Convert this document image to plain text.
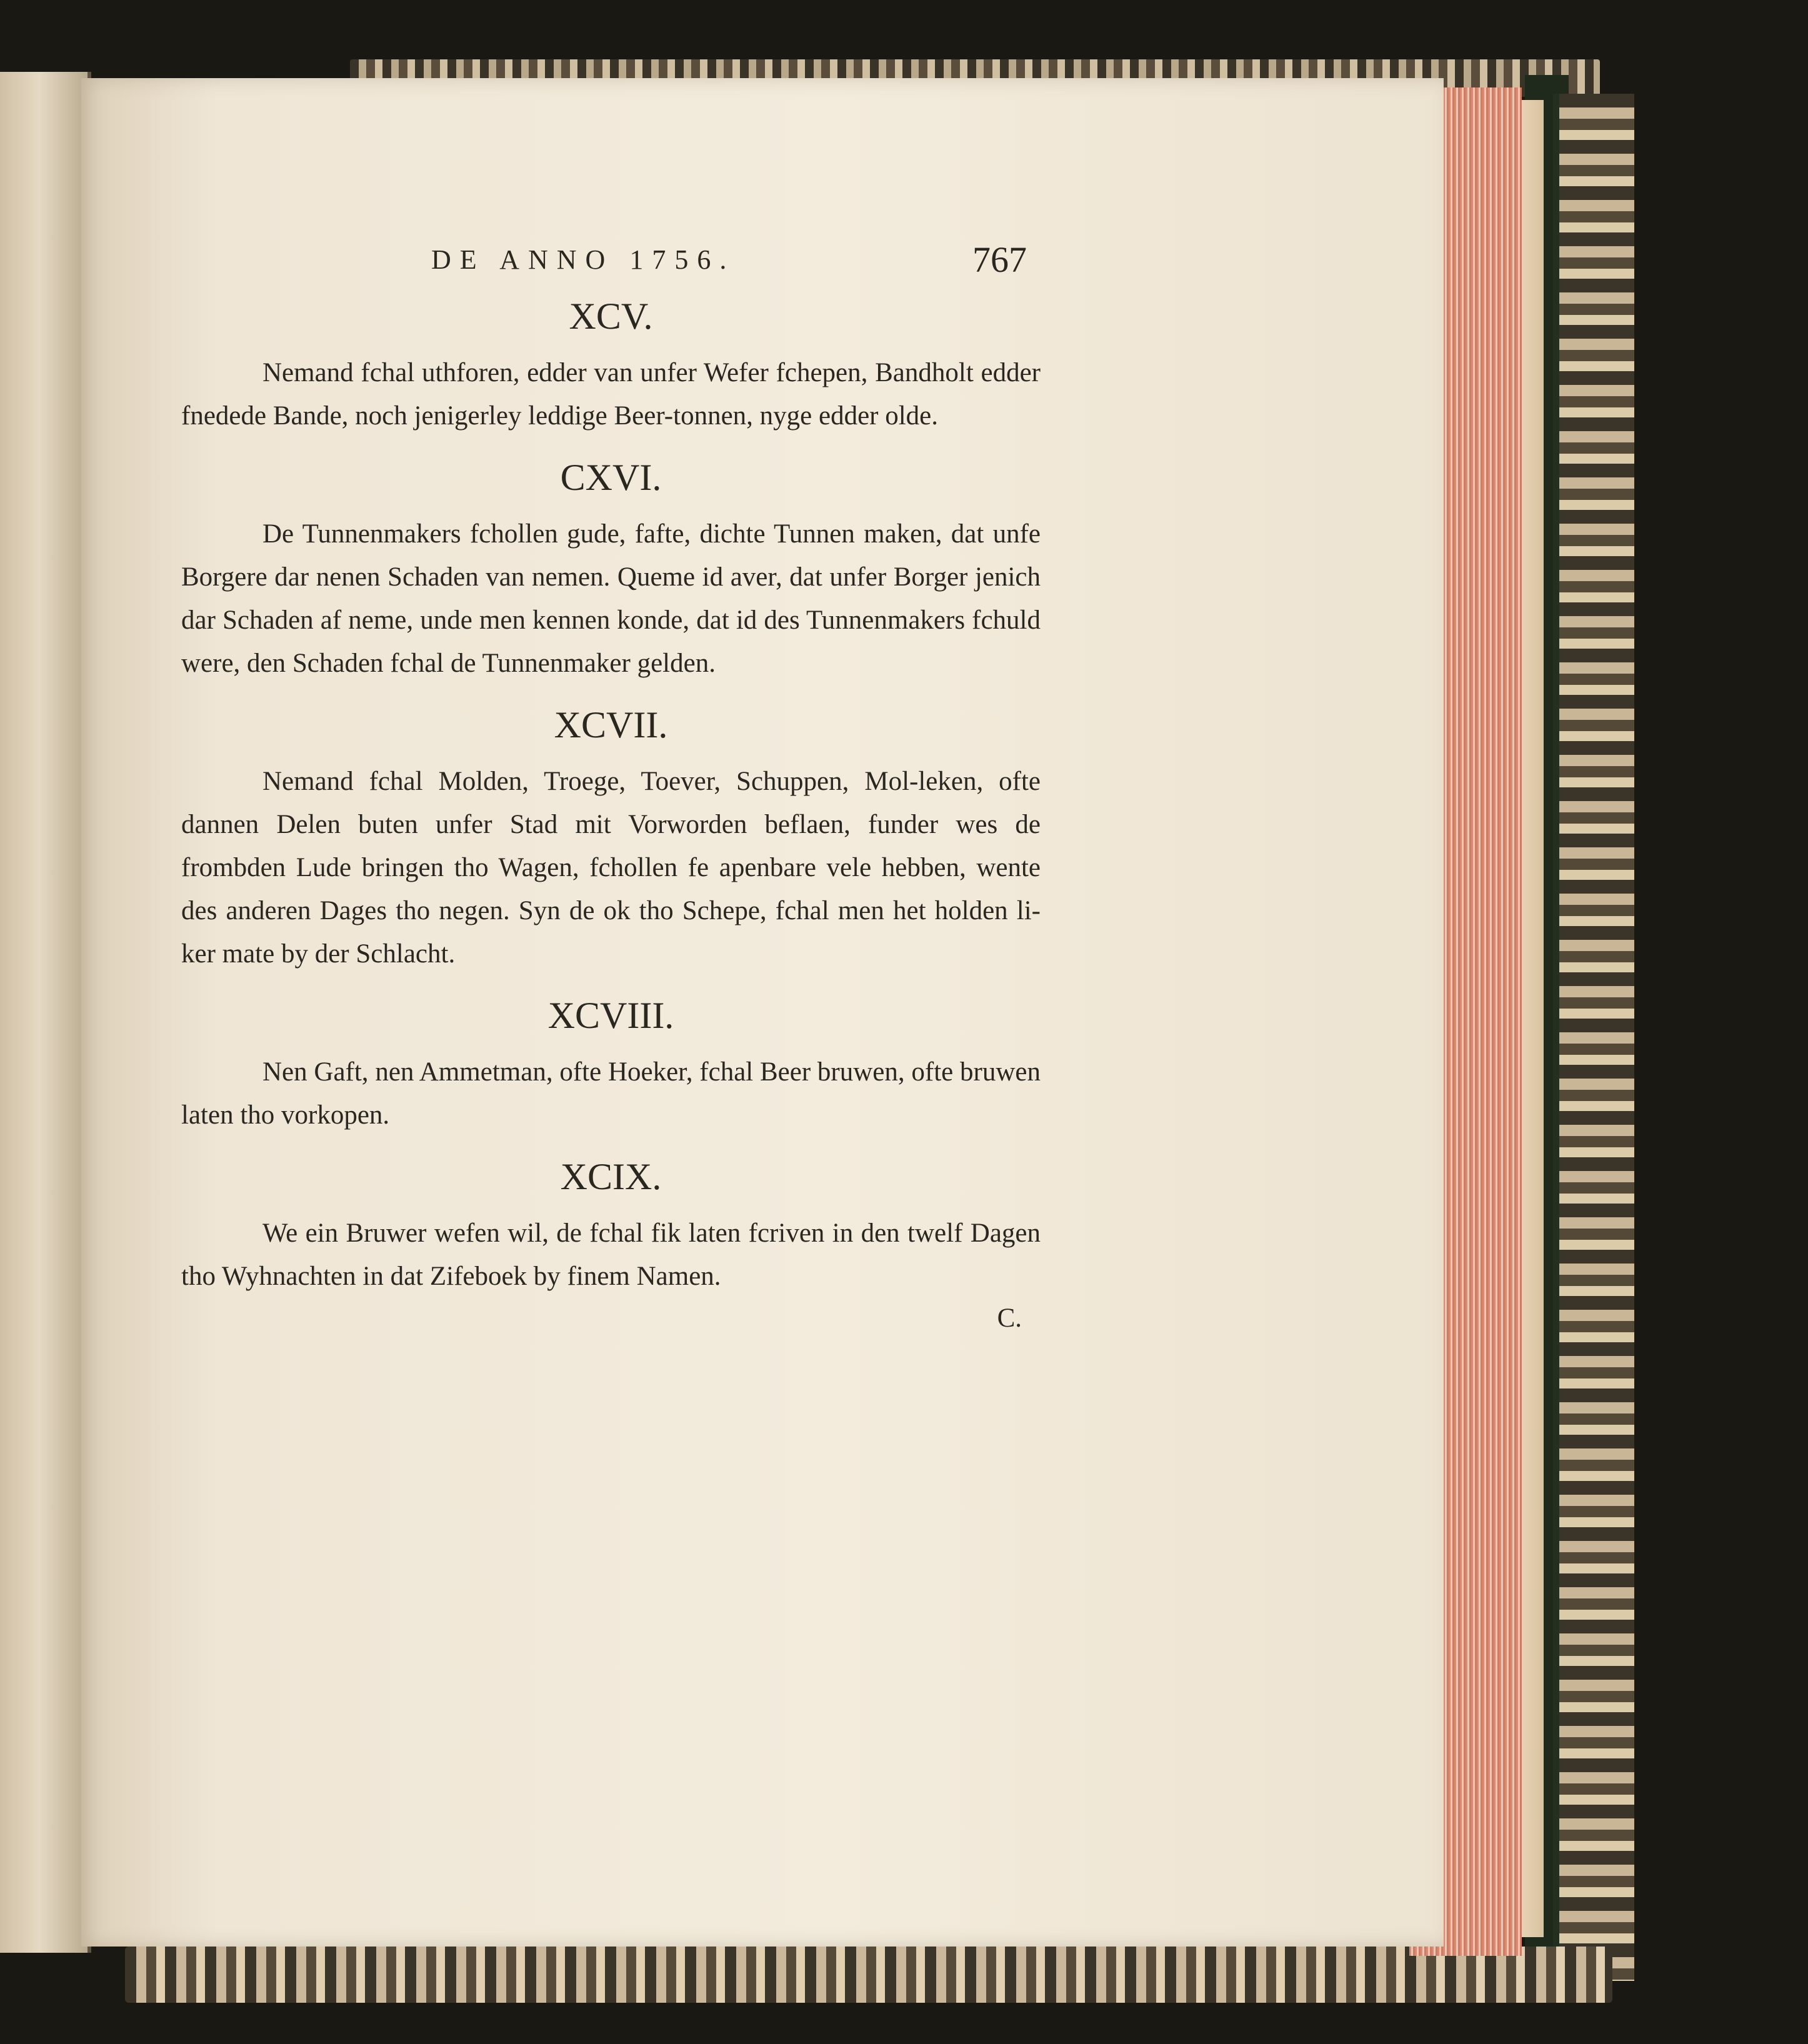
DE ANNO 1756.	767
XCV.

Nemand fchal uthforen, edder van unfer Wefer fchepen, Bandholt edder fnedede Bande, noch jenigerley leddige Beer-tonnen, nyge edder olde.

CXVI.

De Tunnenmakers fchollen gude, fafte, dichte Tunnen maken, dat unfe Borgere dar nenen Schaden van nemen. Queme id aver, dat unfer Borger jenich dar Schaden af neme, unde men kennen konde, dat id des Tunnenmakers fchuld were, den Schaden fchal de Tunnenmaker gelden.

XCVII.

Nemand fchal Molden, Troege, Toever, Schuppen, Mol-leken, ofte dannen Delen buten unfer Stad mit Vorworden beflaen, funder wes de frombden Lude bringen tho Wagen, fchollen fe apenbare vele hebben, wente des anderen Dages tho negen. Syn de ok tho Schepe, fchal men het holden li-ker mate by der Schlacht.

XCVIII.

Nen Gaft, nen Ammetman, ofte Hoeker, fchal Beer bruwen, ofte bruwen laten tho vorkopen.

XCIX.

We ein Bruwer wefen wil, de fchal fik laten fcriven in den twelf Dagen tho Wyhnachten in dat Zifeboek by finem Namen.

C.
